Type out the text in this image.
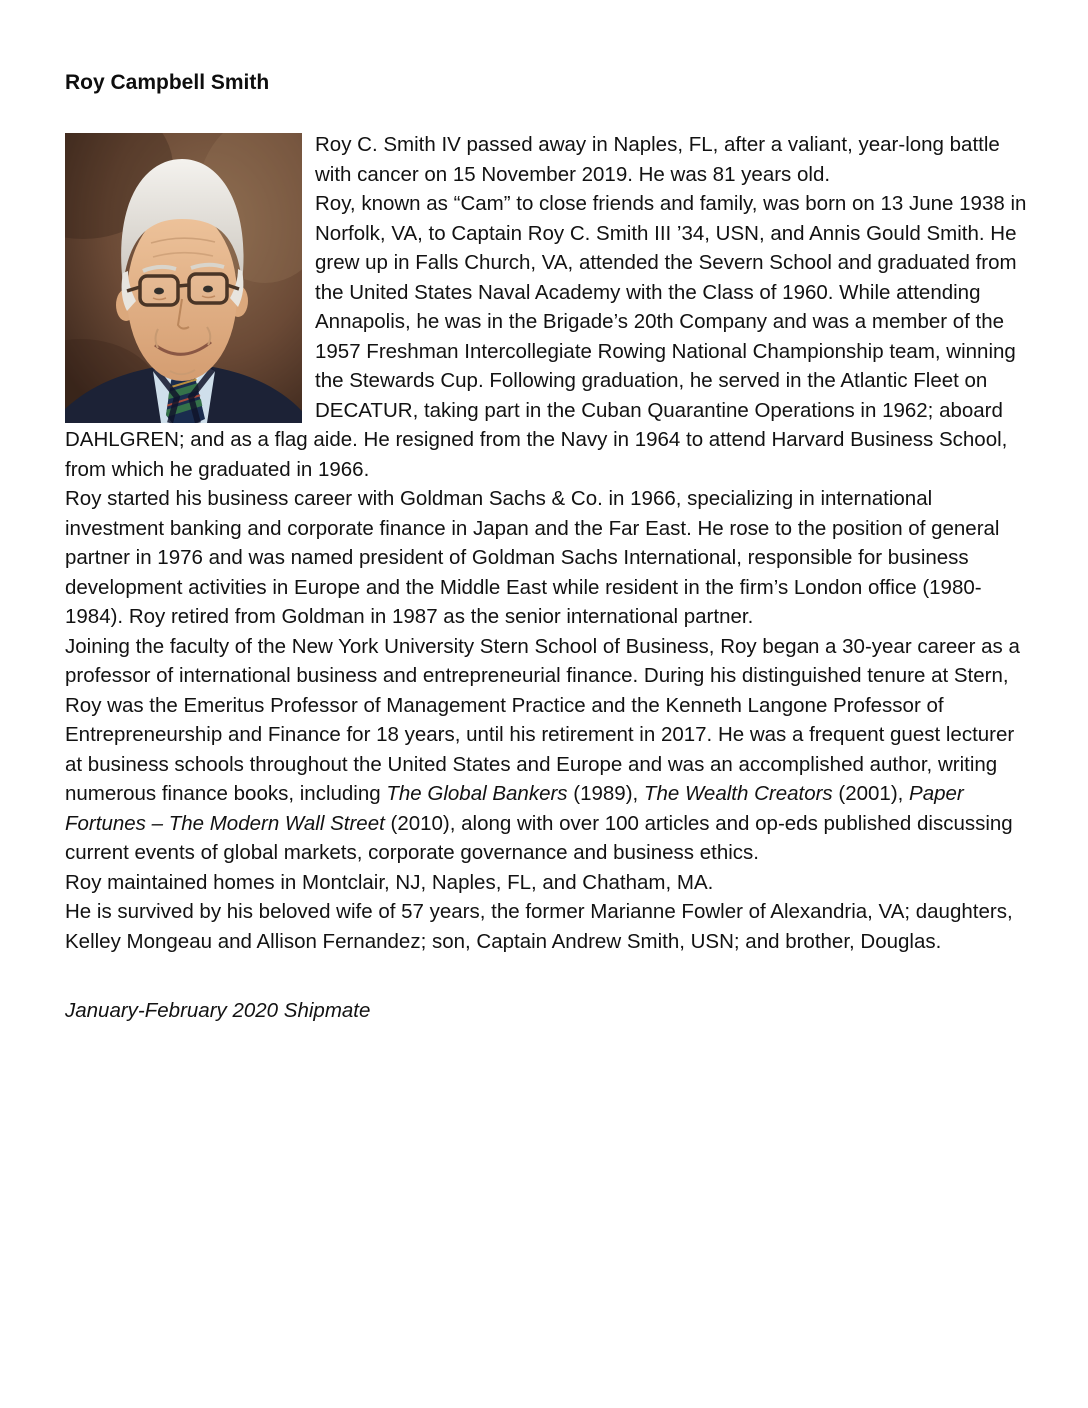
Roy Campbell Smith

Roy C. Smith IV passed away in Naples, FL, after a valiant, year-long battle with cancer on 15 November 2019. He was 81 years old.

Roy, known as “Cam” to close friends and family, was born on 13 June 1938 in Norfolk, VA, to Captain Roy C. Smith III ’34, USN, and Annis Gould Smith. He grew up in Falls Church, VA, attended the Severn School and graduated from the United States Naval Academy with the Class of 1960. While attending Annapolis, he was in the Brigade’s 20th Company and was a member of the 1957 Freshman Intercollegiate Rowing National Championship team, winning the Stewards Cup. Following graduation, he served in the Atlantic Fleet on DECATUR, taking part in the Cuban Quarantine Operations in 1962; aboard DAHLGREN; and as a flag aide. He resigned from the Navy in 1964 to attend Harvard Business School, from which he graduated in 1966.

Roy started his business career with Goldman Sachs & Co. in 1966, specializing in international investment banking and corporate finance in Japan and the Far East. He rose to the position of general partner in 1976 and was named president of Goldman Sachs International, responsible for business development activities in Europe and the Middle East while resident in the firm’s London office (1980-1984). Roy retired from Goldman in 1987 as the senior international partner.

Joining the faculty of the New York University Stern School of Business, Roy began a 30-year career as a professor of international business and entrepreneurial finance. During his distinguished tenure at Stern, Roy was the Emeritus Professor of Management Practice and the Kenneth Langone Professor of Entrepreneurship and Finance for 18 years, until his retirement in 2017. He was a frequent guest lecturer at business schools throughout the United States and Europe and was an accomplished author, writing numerous finance books, including The Global Bankers (1989), The Wealth Creators (2001), Paper Fortunes – The Modern Wall Street (2010), along with over 100 articles and op-eds published discussing current events of global markets, corporate governance and business ethics.

Roy maintained homes in Montclair, NJ, Naples, FL, and Chatham, MA.

He is survived by his beloved wife of 57 years, the former Marianne Fowler of Alexandria, VA; daughters, Kelley Mongeau and Allison Fernandez; son, Captain Andrew Smith, USN; and brother, Douglas.

January-February 2020 Shipmate
